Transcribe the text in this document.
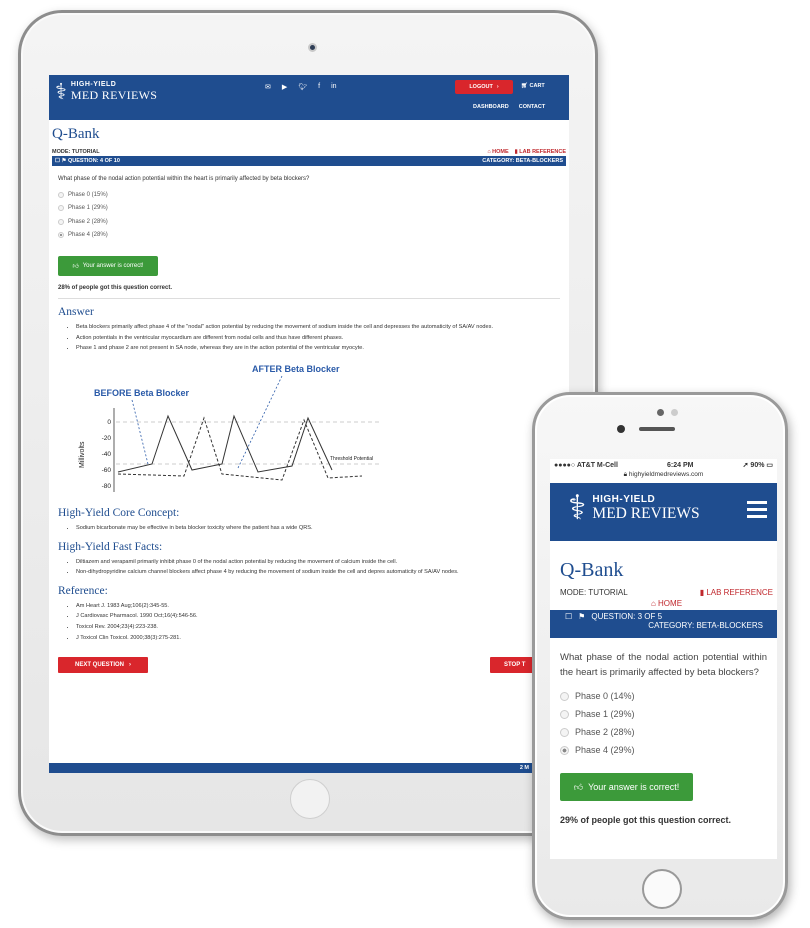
⚕ HIGH-YIELD
MED REVIEWS
✉ ▶ 🐦︎ f in	LOGOUT ›	🛒︎ CART
DASHBOARD CONTACT
Q-Bank
MODE: TUTORIAL	⌂ HOME ▮ LAB REFERENCE
☐ ⚑ QUESTION: 4 OF 10	CATEGORY: BETA-BLOCKERS
What phase of the nodal action potential within the heart is primarily affected by beta blockers?
Phase 0 (15%)
Phase 1 (29%)
Phase 2 (28%)
Phase 4 (28%)
👍︎ Your answer is correct!
28% of people got this question correct.
Answer
• Beta blockers primarily affect phase 4 of the "nodal" action potential by reducing the movement of sodium inside the cell and depresses the automaticity of SA/AV nodes.
• Action potentials in the ventricular myocardium are different from nodal cells and thus have different phases.
• Phase 1 and phase 2 are not present in SA node, whereas they are in the action potential of the ventricular myocyte.
AFTER Beta Blocker
BEFORE Beta Blocker
Millivolts
0
-20
-40
-60
-80
Threshold Potential
High-Yield Core Concept:
• Sodium bicarbonate may be effective in beta blocker toxicity where the patient has a wide QRS.
High-Yield Fast Facts:
• Diltiazem and verapamil primarily inhibit phase 0 of the nodal action potential by reducing the movement of calcium inside the cell.
• Non-dihydropyridine calcium channel blockers affect phase 4 by reducing the movement of sodium inside the cell and depres automaticity of SA/AV nodes.
Reference:
• Am Heart J. 1983 Aug;106(2):345-55.
• J Cardiovasc Pharmacol. 1990 Oct;16(4):546-56.
• Toxicol Rev. 2004;23(4):223-238.
• J Toxicol Clin Toxicol. 2000;38(3):275-281.
NEXT QUESTION ›	STOP T
2 M
●●●●○ AT&T M-Cell	6:24 PM	➚ 90% ▭
🔒︎ highyieldmedreviews.com
⚕ HIGH-YIELD
MED REVIEWS
Q-Bank
MODE: TUTORIAL	▮ LAB REFERENCE
⌂ HOME
☐ ⚑ QUESTION: 3 OF 5
CATEGORY: BETA-BLOCKERS
What phase of the nodal action potential within the heart is primarily affected by beta blockers?
Phase 0 (14%)
Phase 1 (29%)
Phase 2 (28%)
Phase 4 (29%)
👍︎ Your answer is correct!
29% of people got this question correct.
